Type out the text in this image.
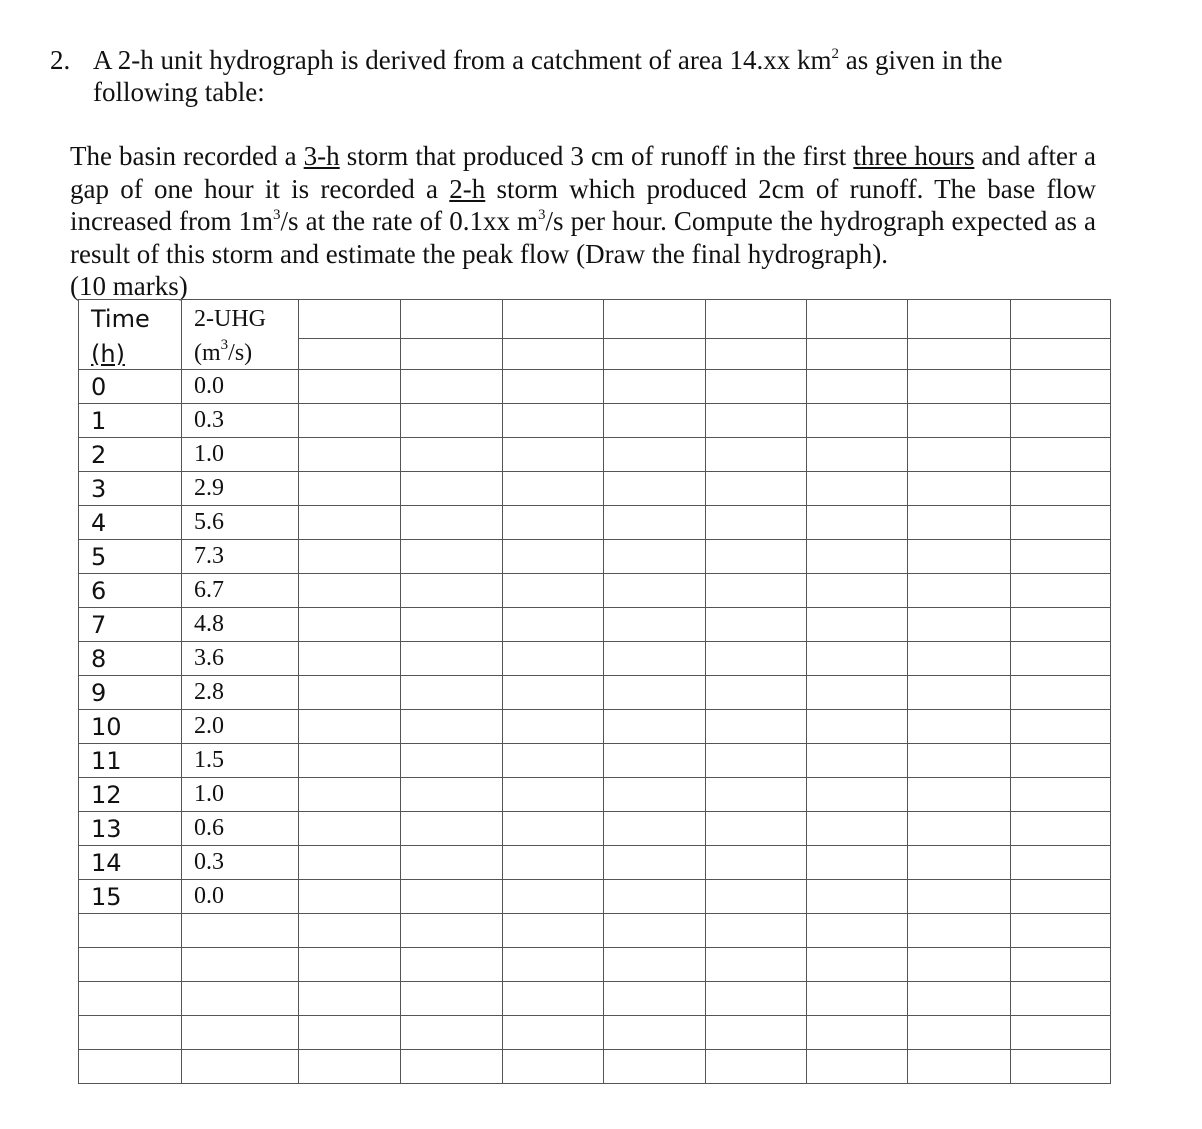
2. A 2-h unit hydrograph is derived from a catchment of area 14.xx $km^2$ as given in the
following table:
The basin recorded a 3-h storm that produced 3 cm of runoff in the first three hours and after a gap of one hour it is recorded a 2-h storm which produced 2cm of runoff. The base flow increased from $1m^3/s$ at the rate of 0.1xx $m^3/s$ per hour. Compute the hydrograph expected as a result of this storm and estimate the peak flow (Draw the final hydrograph).
(10 marks)
Time	2-UHG								
(h)	$(m^3/s)$								
0	0.0								
1	0.3								
2	1.0								
3	2.9								
4	5.6								
5	7.3								
6	6.7								
7	4.8								
8	3.6								
9	2.8								
10	2.0								
11	1.5								
12	1.0								
13	0.6								
14	0.3								
15	0.0								
